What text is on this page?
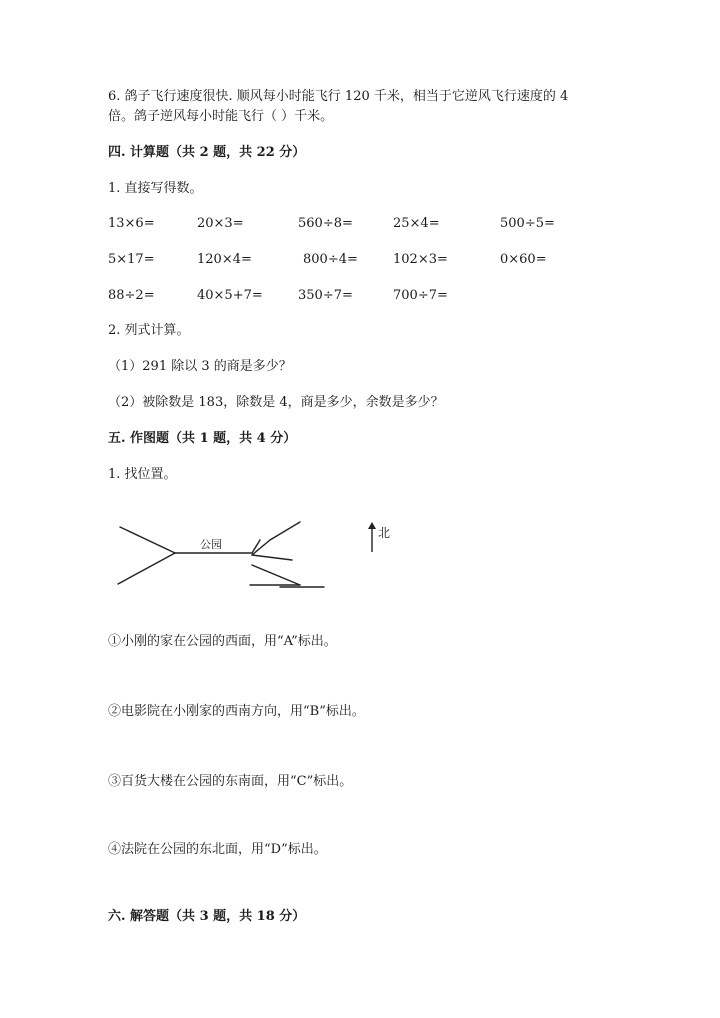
6. 鸽子飞行速度很快. 顺风每小时能飞行 120 千米，相当于它逆风飞行速度的 4
倍。鸽子逆风每小时能飞行（ ）千米。
四. 计算题（共 2 题，共 22 分）
1. 直接写得数。
13×6=	20×3=	560÷8=	25×4=	500÷5=
5×17=	120×4=	800÷4=	102×3=	0×60=
88÷2=	40×5+7=	350÷7=	700÷7=
2. 列式计算。
（1）291 除以 3 的商是多少？
（2）被除数是 183，除数是 4，商是多少，余数是多少？
五. 作图题（共 1 题，共 4 分）
1. 找位置。
公园
北
①小刚的家在公园的西面，用“A”标出。
②电影院在小刚家的西南方向，用“B”标出。
③百货大楼在公园的东南面，用“C”标出。
④法院在公园的东北面，用“D”标出。
六. 解答题（共 3 题，共 18 分）
